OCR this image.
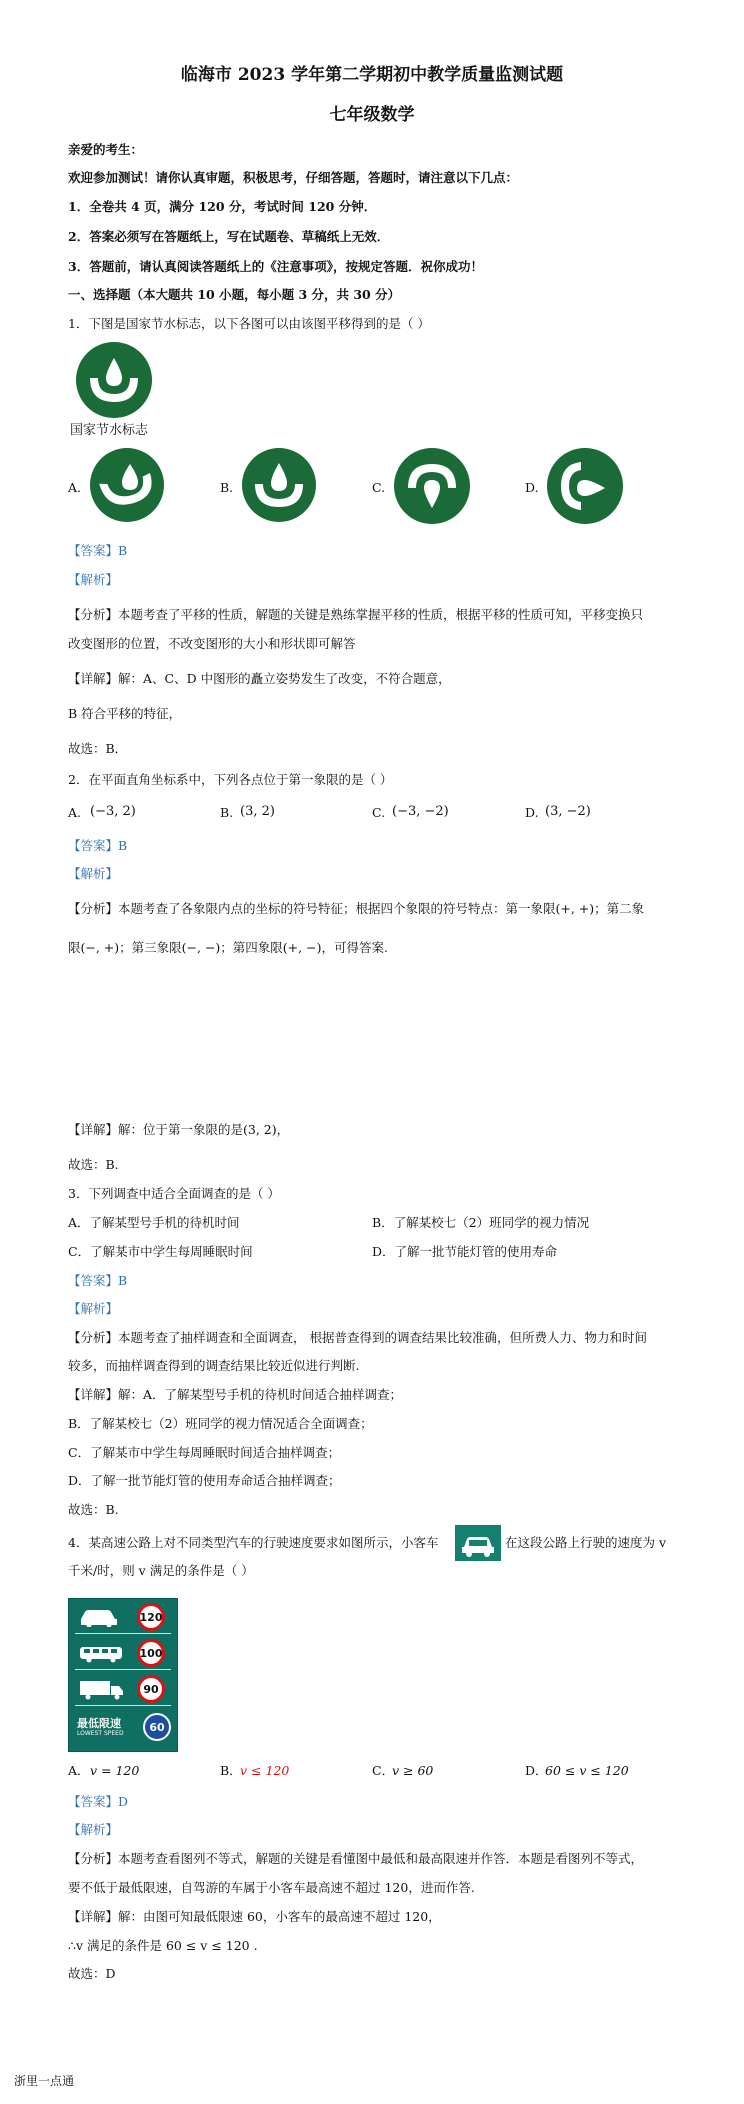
临海市 2023 学年第二学期初中教学质量监测试题
七年级数学
亲爱的考生：
欢迎参加测试！请你认真审题，积极思考，仔细答题，答题时，请注意以下几点：
1．全卷共 4 页，满分 120 分，考试时间 120 分钟．
2．答案必须写在答题纸上，写在试题卷、草稿纸上无效．
3．答题前，请认真阅读答题纸上的《注意事项》，按规定答题．祝你成功！
一、选择题（本大题共 10 小题，每小题 3 分，共 30 分）
1．下图是国家节水标志，以下各图可以由该图平移得到的是（ ）
国家节水标志
A.	B.	C.	D.
【答案】B
【解析】
【分析】本题考查了平移的性质，解题的关键是熟练掌握平移的性质，根据平移的性质可知，平移变换只
改变图形的位置，不改变图形的大小和形状即可解答
【详解】解：A、C、D 中图形的矗立姿势发生了改变，不符合题意，
B 符合平移的特征，
故选：B．
2．在平面直角坐标系中，下列各点位于第一象限的是（ ）
A. (−3, 2)	B. (3, 2)	C. (−3, −2)	D. (3, −2)
【答案】B
【解析】
【分析】本题考查了各象限内点的坐标的符号特征；根据四个象限的符号特点：第一象限(+, +)；第二象
限(−, +)；第三象限(−, −)；第四象限(+, −)，可得答案.
【详解】解：位于第一象限的是(3, 2)，
故选：B.
3．下列调查中适合全面调查的是（ ）
A．了解某型号手机的待机时间	B．了解某校七（2）班同学的视力情况
C．了解某市中学生每周睡眠时间	D．了解一批节能灯管的使用寿命
【答案】B
【解析】
【分析】本题考查了抽样调查和全面调查， 根据普查得到的调查结果比较准确，但所费人力、物力和时间
较多，而抽样调查得到的调查结果比较近似进行判断.
【详解】解：A．了解某型号手机的待机时间适合抽样调查；
B．了解某校七（2）班同学的视力情况适合全面调查；
C．了解某市中学生每周睡眠时间适合抽样调查；
D．了解一批节能灯管的使用寿命适合抽样调查；
故选：B.
4．某高速公路上对不同类型汽车的行驶速度要求如图所示，小客车	在这段公路上行驶的速度为 v
千米/时，则 v 满足的条件是（ ）
120
100
90
最低限速
LOWEST SPEED	60
A． v = 120	B．
v ≤ 120	C．
v ≥ 60	D．
60 ≤ v ≤ 120
【答案】D
【解析】
【分析】本题考查看图列不等式，解题的关键是看懂图中最低和最高限速并作答．本题是看图列不等式，
要不低于最低限速，自驾游的车属于小客车最高速不超过 120，进而作答.
【详解】解：由图可知最低限速 60，小客车的最高速不超过 120，
∴v 满足的条件是 60 ≤ v ≤ 120 .
故选：D
浙里一点通
